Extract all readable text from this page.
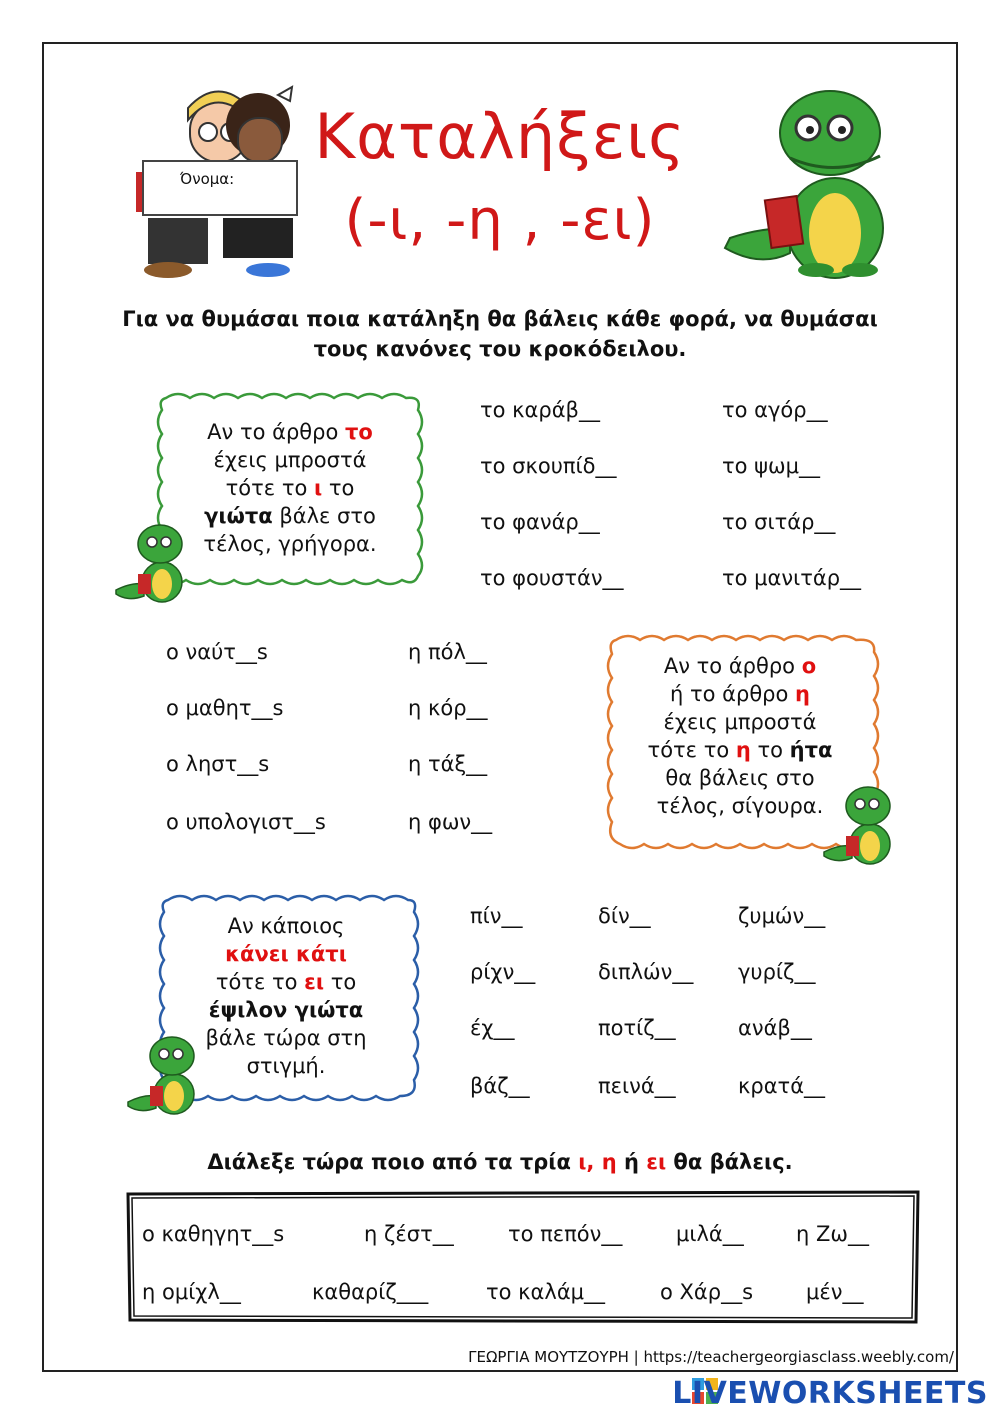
Όνομα:
Καταλήξεις
(-ι, -η , -ει)
Για να θυμάσαι ποια κατάληξη θα βάλεις κάθε φορά, να θυμάσαι
τους κανόνες του κροκόδειλου.
Αν το άρθρο το
έχεις μπροστά
τότε το ι το
γιώτα βάλε στο
τέλος, γρήγορα.
το καράβ__	το αγόρ__
το σκουπίδ__	το ψωμ__
το φανάρ__	το σιτάρ__
το φουστάν__	το μανιτάρ__
ο ναύτ__s	η πόλ__
ο μαθητ__s	η κόρ__
ο ληστ__s	η τάξ__
ο υπολογιστ__s	η φων__
Αν το άρθρο ο
ή το άρθρο η
έχεις μπροστά
τότε το η το ήτα
θα βάλεις στο
τέλος, σίγουρα.
Αν κάποιος
κάνει κάτι
τότε το ει το
έψιλον γιώτα
βάλε τώρα στη
στιγμή.
πίν__	δίν__	ζυμών__
ρίχν__	διπλών__ γυρίζ__
έχ__	ποτίζ__	ανάβ__
βάζ__	πεινά__	κρατά__
Διάλεξε τώρα ποιο από τα τρία ι, η ή ει θα βάλεις.
ο καθηγητ__s	η ζέστ__	το πεπόν__	μιλά__ η Ζω__
η ομίχλ__	καθαρίζ___	το καλάμ__	ο Χάρ__s	μέν__
ΓΕΩΡΓΙΑ ΜΟΥΤΖΟΥΡΗ | https://teachergeorgiasclass.weebly.com/
LIVEWORKSHEETS
